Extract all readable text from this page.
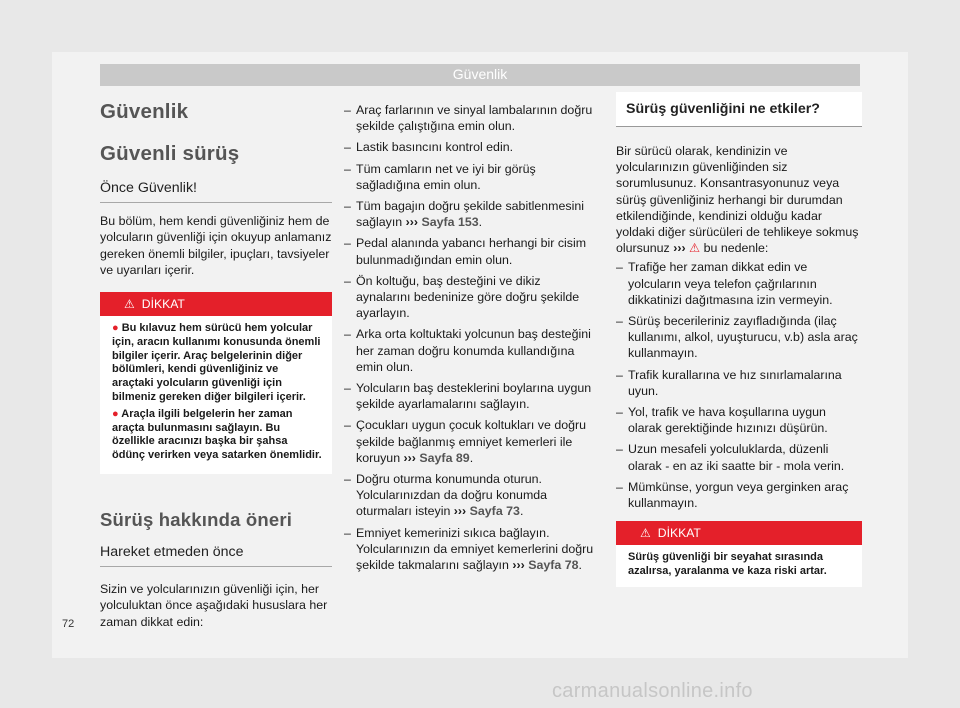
Güvenlik
Güvenlik
Güvenli sürüş
Önce Güvenlik!

Bu bölüm, hem kendi güvenliğiniz hem de yolcuların güvenliği için okuyup anlamanız gereken önemli bilgiler, ipuçları, tavsiyeler ve uyarıları içerir.

⚠ DİKKAT
● Bu kılavuz hem sürücü hem yolcular için, aracın kullanımı konusunda önemli bilgiler içerir. Araç belgelerinin diğer bölümleri, kendi güvenliğiniz ve araçtaki yolcuların güvenliği için bilmeniz gereken diğer bilgileri içerir.
● Araçla ilgili belgelerin her zaman araçta bulunmasını sağlayın. Bu özellikle aracınızı başka bir şahsa ödünç verirken veya satarken önemlidir.
Sürüş hakkında öneri
Hareket etmeden önce

Sizin ve yolcularınızın güvenliği için, her yolculuktan önce aşağıdaki hususlara her zaman dikkat edin:

– Araç farlarının ve sinyal lambalarının doğru şekilde çalıştığına emin olun.
– Lastik basıncını kontrol edin.
– Tüm camların net ve iyi bir görüş sağladığına emin olun.
– Tüm bagajın doğru şekilde sabitlenmesini sağlayın ››› Sayfa 153.
– Pedal alanında yabancı herhangi bir cisim bulunmadığından emin olun.
– Ön koltuğu, baş desteğini ve dikiz aynalarını bedeninize göre doğru şekilde ayarlayın.
– Arka orta koltuktaki yolcunun baş desteğini her zaman doğru konumda kullandığına emin olun.
– Yolcuların baş desteklerini boylarına uygun şekilde ayarlamalarını sağlayın.
– Çocukları uygun çocuk koltukları ve doğru şekilde bağlanmış emniyet kemerleri ile koruyun ››› Sayfa 89.
– Doğru oturma konumunda oturun. Yolcularınızdan da doğru konumda oturmaları isteyin ››› Sayfa 73.
– Emniyet kemerinizi sıkıca bağlayın. Yolcularınızın da emniyet kemerlerini doğru şekilde takmalarını sağlayın ››› Sayfa 78.
Sürüş güvenliğini ne etkiler?

Bir sürücü olarak, kendinizin ve yolcularınızın güvenliğinden siz sorumlusunuz. Konsantrasyonunuz veya sürüş güvenliğiniz herhangi bir durumdan etkilendiğinde, kendinizi olduğu kadar yoldaki diğer sürücüleri de tehlikeye sokmuş olursunuz ››› ⚠ bu nedenle:

– Trafiğe her zaman dikkat edin ve yolcuların veya telefon çağrılarının dikkatinizi dağıtmasına izin vermeyin.
– Sürüş becerileriniz zayıfladığında (ilaç kullanımı, alkol, uyuşturucu, v.b) asla araç kullanmayın.
– Trafik kurallarına ve hız sınırlamalarına uyun.
– Yol, trafik ve hava koşullarına uygun olarak gerektiğinde hızınızı düşürün.
– Uzun mesafeli yolculuklarda, düzenli olarak - en az iki saatte bir - mola verin.
– Mümkünse, yorgun veya gerginken araç kullanmayın.
⚠ DİKKAT
Sürüş güvenliği bir seyahat sırasında azalırsa, yaralanma ve kaza riski artar.
72
carmanualsonline.info
